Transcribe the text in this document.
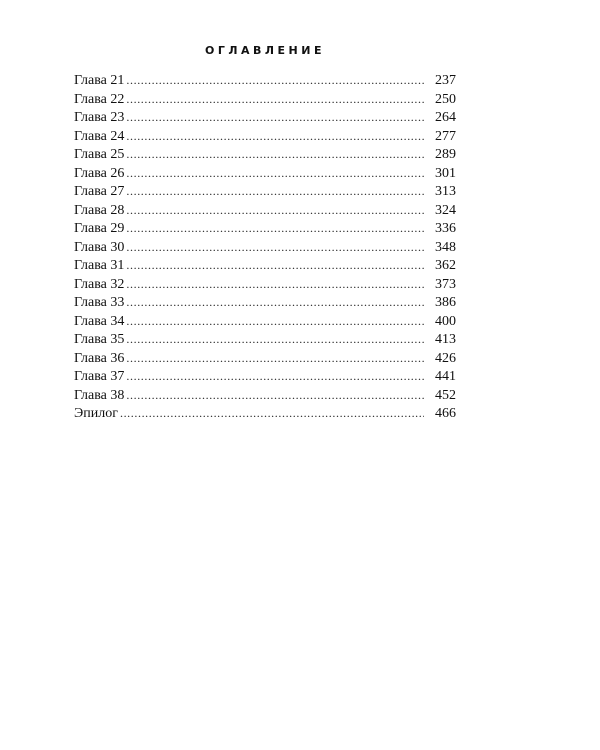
ОГЛАВЛЕНИЕ
Глава 21 . . .	237
Глава 22 . . .	250
Глава 23 . . .	264
Глава 24 . . .	277
Глава 25 . . .	289
Глава 26 . . .	301
Глава 27 . . .	313
Глава 28 . . .	324
Глава 29 . . .	336
Глава 30 . . .	348
Глава 31 . . .	362
Глава 32 . . .	373
Глава 33 . . .	386
Глава 34 . . .	400
Глава 35 . . .	413
Глава 36 . . .	426
Глава 37 . . .	441
Глава 38 . . .	452
Эпилог . . .	466
